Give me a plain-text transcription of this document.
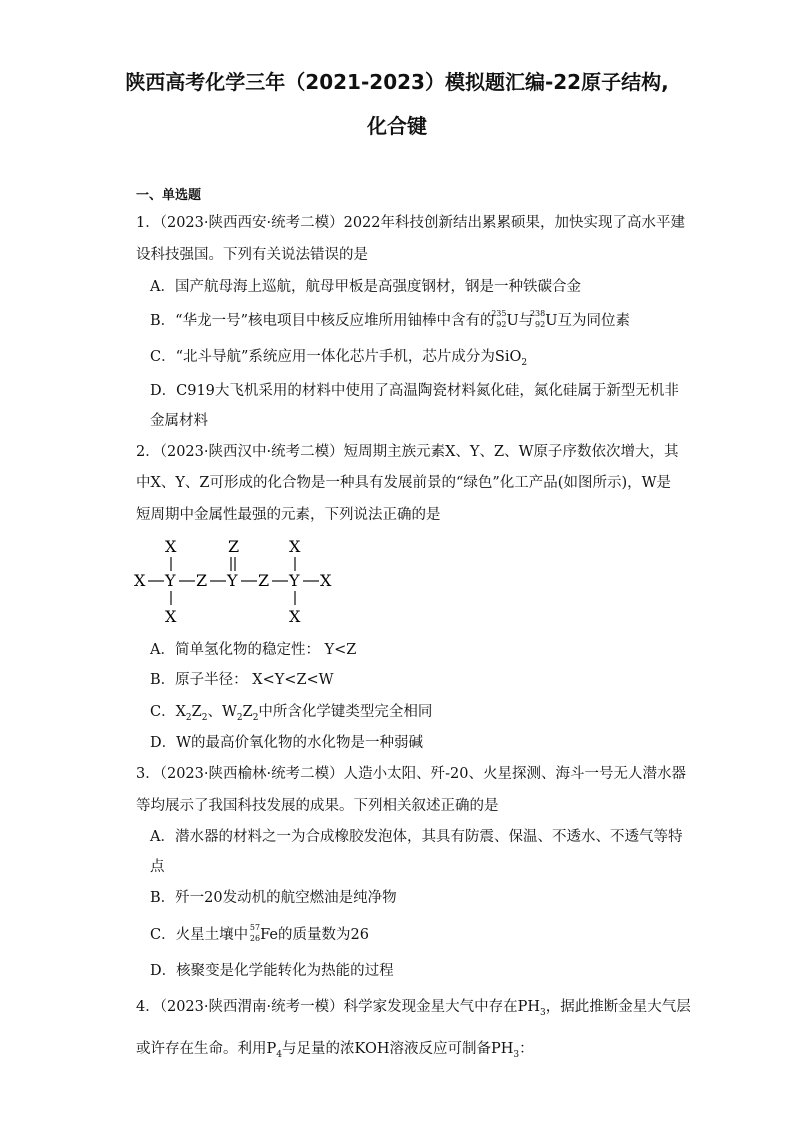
陕西高考化学三年（2021-2023）模拟题汇编-22原子结构,
化合键
一、单选题
1．（2023·陕西西安·统考二模）2022年科技创新结出累累硕果，加快实现了高水平建
设科技强国。下列有关说法错误的是
A．国产航母海上巡航，航母甲板是高强度钢材，钢是一种铁碳合金
B．“华龙一号”核电项目中核反应堆所用铀棒中含有的
235
92 U与
238
92 U互为同位素
C．“北斗导航”系统应用一体化芯片手机，芯片成分为SiO$_2$
D．C919大飞机采用的材料中使用了高温陶瓷材料氮化硅，氮化硅属于新型无机非
金属材料
2．（2023·陕西汉中·统考二模）短周期主族元素X、Y、Z、W原子序数依次增大，其
中X、Y、Z可形成的化合物是一种具有发展前景的“绿色”化工产品(如图所示)，W是
短周期中金属性最强的元素，下列说法正确的是
X	Z	X
X Y Z Y Z Y X
X	X
A．简单氢化物的稳定性： Y<Z
B．原子半径： X<Y<Z<W
C．$X_2Z_2$、$W_2Z_2$中所含化学键类型完全相同
D．W的最高价氧化物的水化物是一种弱碱
3．（2023·陕西榆林·统考二模）人造小太阳、歼-20、火星探测、海斗一号无人潜水器
等均展示了我国科技发展的成果。下列相关叙述正确的是
A．潜水器的材料之一为合成橡胶发泡体，其具有防震、保温、不透水、不透气等特
点
B．歼一20发动机的航空燃油是纯净物
C．火星土壤中 57
26 Fe的质量数为26
D．核聚变是化学能转化为热能的过程
4．（2023·陕西渭南·统考一模）科学家发现金星大气中存在$PH_3$，据此推断金星大气层
或许存在生命。利用$P_4$与足量的浓KOH溶液反应可制备$PH_3$：
